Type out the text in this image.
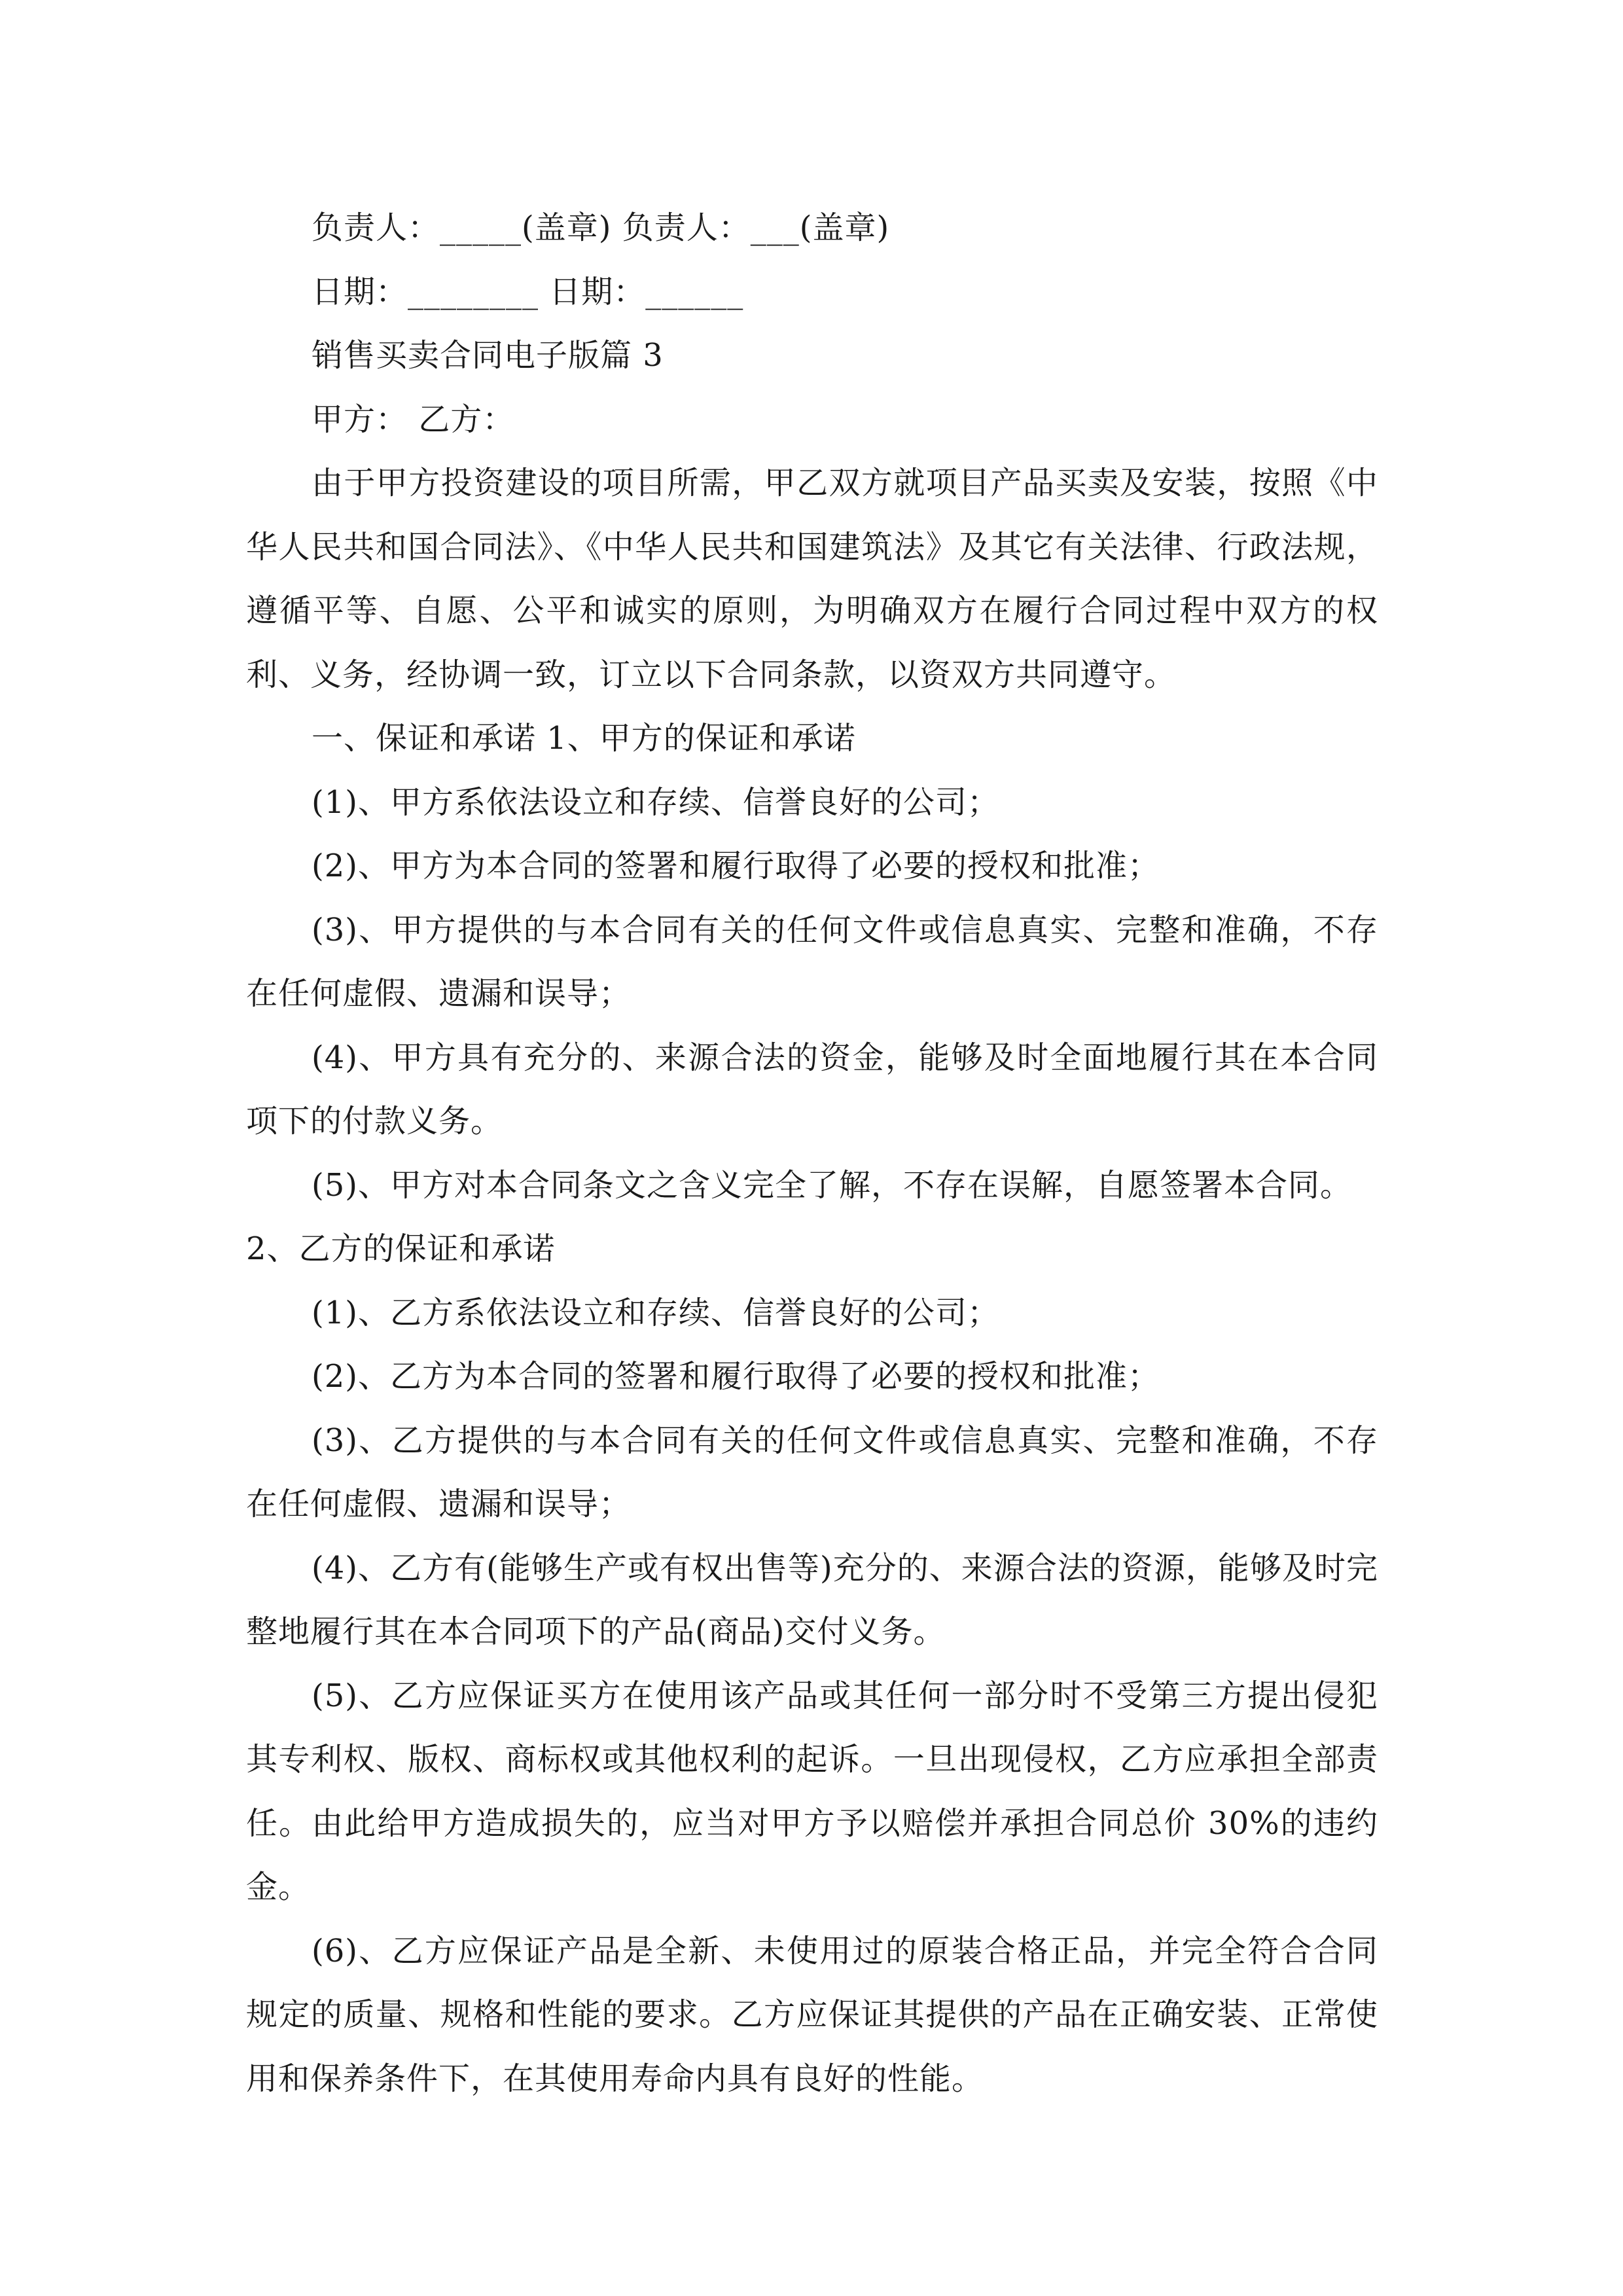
负责人：_____(盖章) 负责人：___(盖章)

日期：________ 日期：______

销售买卖合同电子版篇 3

甲方： 乙方：

由于甲方投资建设的项目所需，甲乙双方就项目产品买卖及安装，按照《中华人民共和国合同法》、《中华人民共和国建筑法》及其它有关法律、行政法规，遵循平等、自愿、公平和诚实的原则，为明确双方在履行合同过程中双方的权利、义务，经协调一致，订立以下合同条款，以资双方共同遵守。

一、保证和承诺 1、甲方的保证和承诺

(1)、甲方系依法设立和存续、信誉良好的公司；

(2)、甲方为本合同的签署和履行取得了必要的授权和批准；

(3)、甲方提供的与本合同有关的任何文件或信息真实、完整和准确，不存在任何虚假、遗漏和误导；

(4)、甲方具有充分的、来源合法的资金，能够及时全面地履行其在本合同项下的付款义务。

(5)、甲方对本合同条文之含义完全了解，不存在误解，自愿签署本合同。

2、乙方的保证和承诺

(1)、乙方系依法设立和存续、信誉良好的公司；

(2)、乙方为本合同的签署和履行取得了必要的授权和批准；

(3)、乙方提供的与本合同有关的任何文件或信息真实、完整和准确，不存在任何虚假、遗漏和误导；

(4)、乙方有(能够生产或有权出售等)充分的、来源合法的资源，能够及时完整地履行其在本合同项下的产品(商品)交付义务。

(5)、乙方应保证买方在使用该产品或其任何一部分时不受第三方提出侵犯其专利权、版权、商标权或其他权利的起诉。一旦出现侵权，乙方应承担全部责任。由此给甲方造成损失的，应当对甲方予以赔偿并承担合同总价 30%的违约金。

(6)、乙方应保证产品是全新、未使用过的原装合格正品，并完全符合合同规定的质量、规格和性能的要求。乙方应保证其提供的产品在正确安装、正常使用和保养条件下，在其使用寿命内具有良好的性能。
